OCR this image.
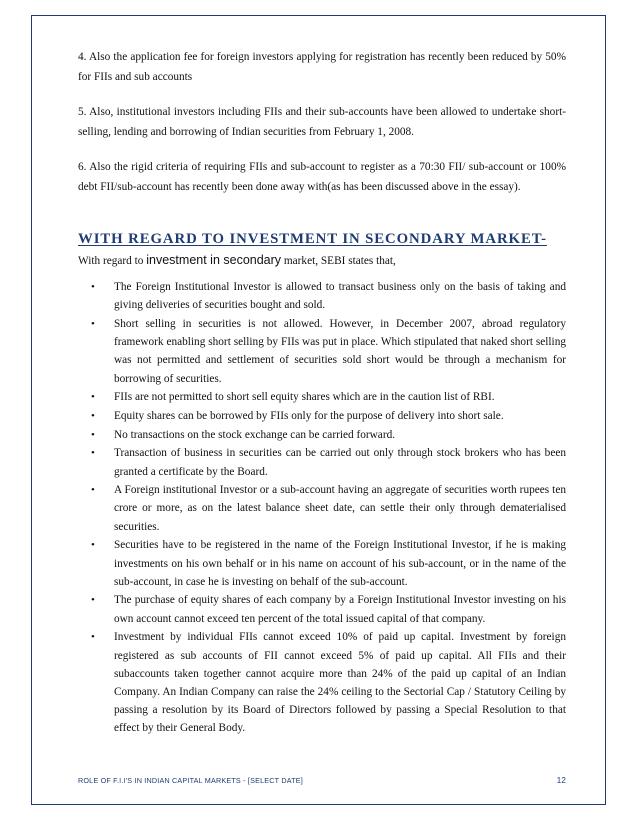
4. Also the application fee for foreign investors applying for registration has recently been reduced by 50% for FIIs and sub accounts

5. Also, institutional investors including FIIs and their sub-accounts have been allowed to undertake short-selling, lending and borrowing of Indian securities from February 1, 2008.

6. Also the rigid criteria of requiring FIIs and sub-account to register as a 70:30 FII/ sub-account or 100% debt FII/sub-account has recently been done away with(as has been discussed above in the essay).

WITH REGARD TO INVESTMENT IN SECONDARY MARKET-

With regard to investment in secondary market, SEBI states that,

• The Foreign Institutional Investor is allowed to transact business only on the basis of taking and giving deliveries of securities bought and sold.
• Short selling in securities is not allowed. However, in December 2007, abroad regulatory framework enabling short selling by FIIs was put in place. Which stipulated that naked short selling was not permitted and settlement of securities sold short would be through a mechanism for borrowing of securities.
• FIIs are not permitted to short sell equity shares which are in the caution list of RBI.
• Equity shares can be borrowed by FIIs only for the purpose of delivery into short sale.
• No transactions on the stock exchange can be carried forward.
• Transaction of business in securities can be carried out only through stock brokers who has been granted a certificate by the Board.
• A Foreign institutional Investor or a sub-account having an aggregate of securities worth rupees ten crore or more, as on the latest balance sheet date, can settle their only through dematerialised securities.
• Securities have to be registered in the name of the Foreign Institutional Investor, if he is making investments on his own behalf or in his name on account of his sub-account, or in the name of the sub-account, in case he is investing on behalf of the sub-account.
• The purchase of equity shares of each company by a Foreign Institutional Investor investing on his own account cannot exceed ten percent of the total issued capital of that company.
• Investment by individual FIIs cannot exceed 10% of paid up capital. Investment by foreign registered as sub accounts of FII cannot exceed 5% of paid up capital. All FIIs and their subaccounts taken together cannot acquire more than 24% of the paid up capital of an Indian Company. An Indian Company can raise the 24% ceiling to the Sectorial Cap / Statutory Ceiling by passing a resolution by its Board of Directors followed by passing a Special Resolution to that effect by their General Body.
ROLE OF F.I.I'S IN INDIAN CAPITAL MARKETS - [SELECT DATE]	12
